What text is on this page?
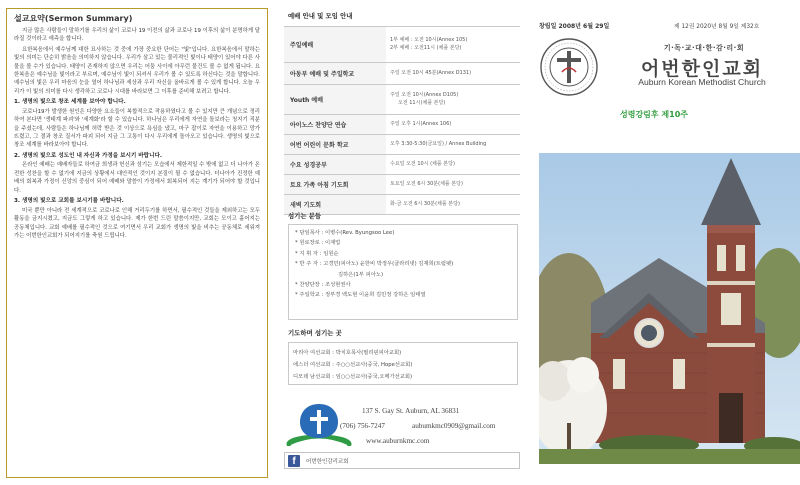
설교요약(Sermon Summary)

지금 많은 사람들이 말하기를 우리의 삶이 코로나 19 이전의 삶과 코로나 19 이후의 삶이 분명하게 달라질 것이라고 예측을 합니다.

요한복음에서 예수님께 대한 묘사하는 것 중에 가장 중요한 단어는 "빛"입니다. 요한복음에서 말하는 빛의 의미는 단순히 밝음을 의미하지 않습니다. 우리가 살고 있는 물리적인 빛이나 태양이 있어야 다른 사물을 볼 수가 있습니다. 태양이 존재하지 않으면 우리는 어둠 사이에 아무런 물건도 볼 수 없게 됩니다. 요한복음은 예수님을 빛이라고 부르며, 예수님이 빛이 되셔서 우리가 볼 수 있도록 하신다는 것을 말합니다. 예수님의 빛은 우리 마음의 눈을 열어 하나님과 세상과 우리 자신을 올바르게 볼 수 있게 합니다. 오늘 우리가 이 빛의 의미를 다시 생각하고 코로나 시대를 바라보면 그 이후를 준비해 보려고 합니다.

1. 생명의 빛으로 창조 세계를 보아야 합니다.

코로나19가 발생한 원인은 다양한 요소들이 복합적으로 작용하였다고 볼 수 있지만 큰 개념으로 정리하여 본다면 '생태계 파괴'와 '세계화'라 할 수 있습니다. 하나님은 우리에게 자연을 돌보라는 청지기 직분을 주셨는데, 사람들은 하나님께 허락 받은 것 이상으로 욕심을 냈고, 마구 잡이로 자연을 이용하고 망가뜨렸고, 그 결과 창조 질서가 파괴 되어 지금 그 고통이 다시 우리에게 돌아오고 있습니다. 생명의 빛으로 창조 세계를 바라보아야 합니다.

2. 생명의 빛으로 성도인 내 자신과 가정을 보시기 바랍니다.

온라인 예배는 예배자들로 하여금 희생과 헌신과 섬기는 모습에서 제한적일 수 밖에 없고 더 나아가 온전한 성찬을 할 수 없기에 지금의 상황에서 대안적인 것이지 본질이 될 수 없습니다. 더나아가 진정한 예배의 회복과 가정이 신앙의 중심이 되어 예배와 말씀이 가정에서 회복되어 지는 계기가 되어야 할 것입니다.

3. 생명의 빛으로 교회를 보시기를 바랍니다.

미국 뿐만 아니라 전 세계적으로 코로나로 인해 거리두기를 하면서, 필수적인 것들을 제외하고는 모두 활동을 금지시켰고, 지금도 그렇게 하고 있습니다. 제가 한번 드린 말씀이지만, 교회는 모이고 흩어지는 공동체입니다. 교회 예배를 필수적인 것으로 여기면서 우리 교회가 생명의 빛을 비추는 공동체로 세워져 가는 어번한인교회가 되어지기를 축원 드립니다.

예배 안내 및 모임 안내
주일예배	1부 예배 : 오전 10시(Annex 105)
2부 예배 : 오전11시 (채플 본당)

아동부 예배 및 주일학교	주일 오전 10시 45분(Annex D131)

Youth 예배	주일 오전 10시(Annex D105)
오전 11시(채플 본당)

아이노스 찬양단 연습	주일 오후 1시(Annex 106)

어번 어린이 문화 학교	오후 3:30-5:30(금요일) / Annex Building

수요 성경공부	수요일 오전 10시 (채플 본당)

토요 가족 아침 기도회	토요일 오전 6시 30분(채플 본당)

새벽 기도회	화-금 오전 6시 30분(채플 본당)
섬기는 분들
* 담임목사 : 이병수(Rev. Byungsoo Lee)
* 원로장로 : 이재업
* 지 휘 자 : 임원순
* 반 주 자 : 고경민(피아노) 윤한비 박정우(클라리넷) 김재희(트럼펫)
김하은(1부 피아노)
* 찬양단장 : 조성현권사
* 주일학교 : 정부경 백도현 이윤희 김민정 강하은 임태열
기도하며 섬기는 곳
마리아 여선교회 : 박치호목사(필리핀피아교회)
에스더 여선교회 : 주○○선교사(중국, Hope선교회)
디모데 남선교회 : 임○○선교사(중국,오메가선교회)
137 S. Gay St. Auburn, AL 36831
(706) 756-7247	aubumkmc0909@gmail.com
www.auburnkmc.com
f	어번한인감리교회
창립일 2008년 6월 29일	제 12권 2020년 8월 9일 제32호
기·독·교·대·한·감·리·회
어번한인교회
Auburn Korean Methodist Church
성령강림후 제10주
